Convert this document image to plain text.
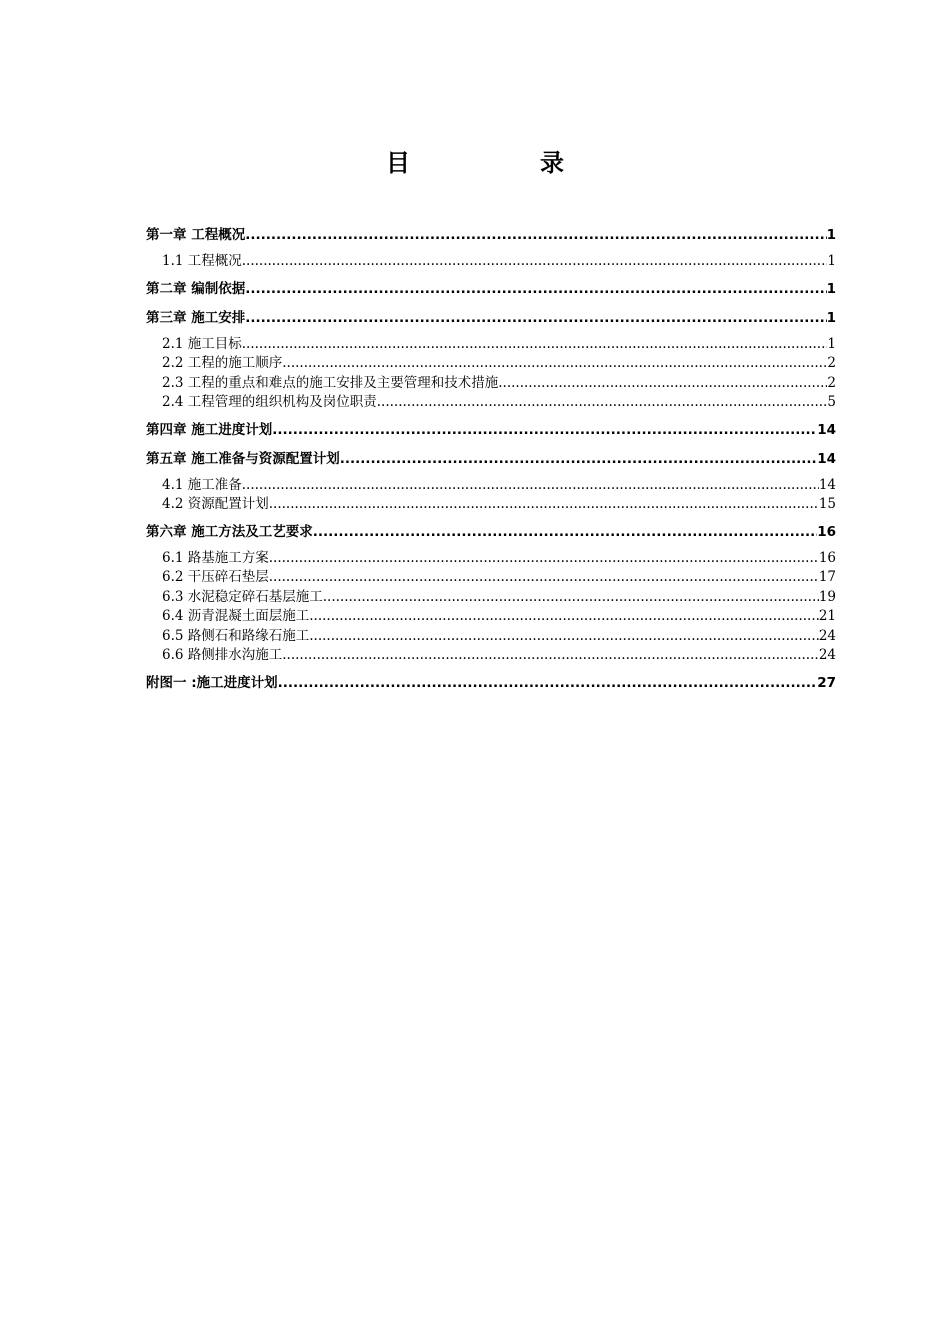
目	录
第一章 工程概况 .....	1
1.1 工程概况 .....	1
第二章 编制依据 .....	1
第三章 施工安排 .....	1
2.1 施工目标 .....	1
2.2 工程的施工顺序 .....	2
2.3 工程的重点和难点的施工安排及主要管理和技术措施 .....	2
2.4 工程管理的组织机构及岗位职责 .....	5
第四章 施工进度计划 .....	14
第五章 施工准备与资源配置计划 .....	14
4.1 施工准备 .....	14
4.2 资源配置计划 .....	15
第六章 施工方法及工艺要求 .....	16
6.1 路基施工方案 .....	16
6.2 干压碎石垫层 .....	17
6.3 水泥稳定碎石基层施工 .....	19
6.4 沥青混凝土面层施工 .....	21
6.5 路侧石和路缘石施工 .....	24
6.6 路侧排水沟施工 .....	24
附图一 :施工进度计划 .....	27
